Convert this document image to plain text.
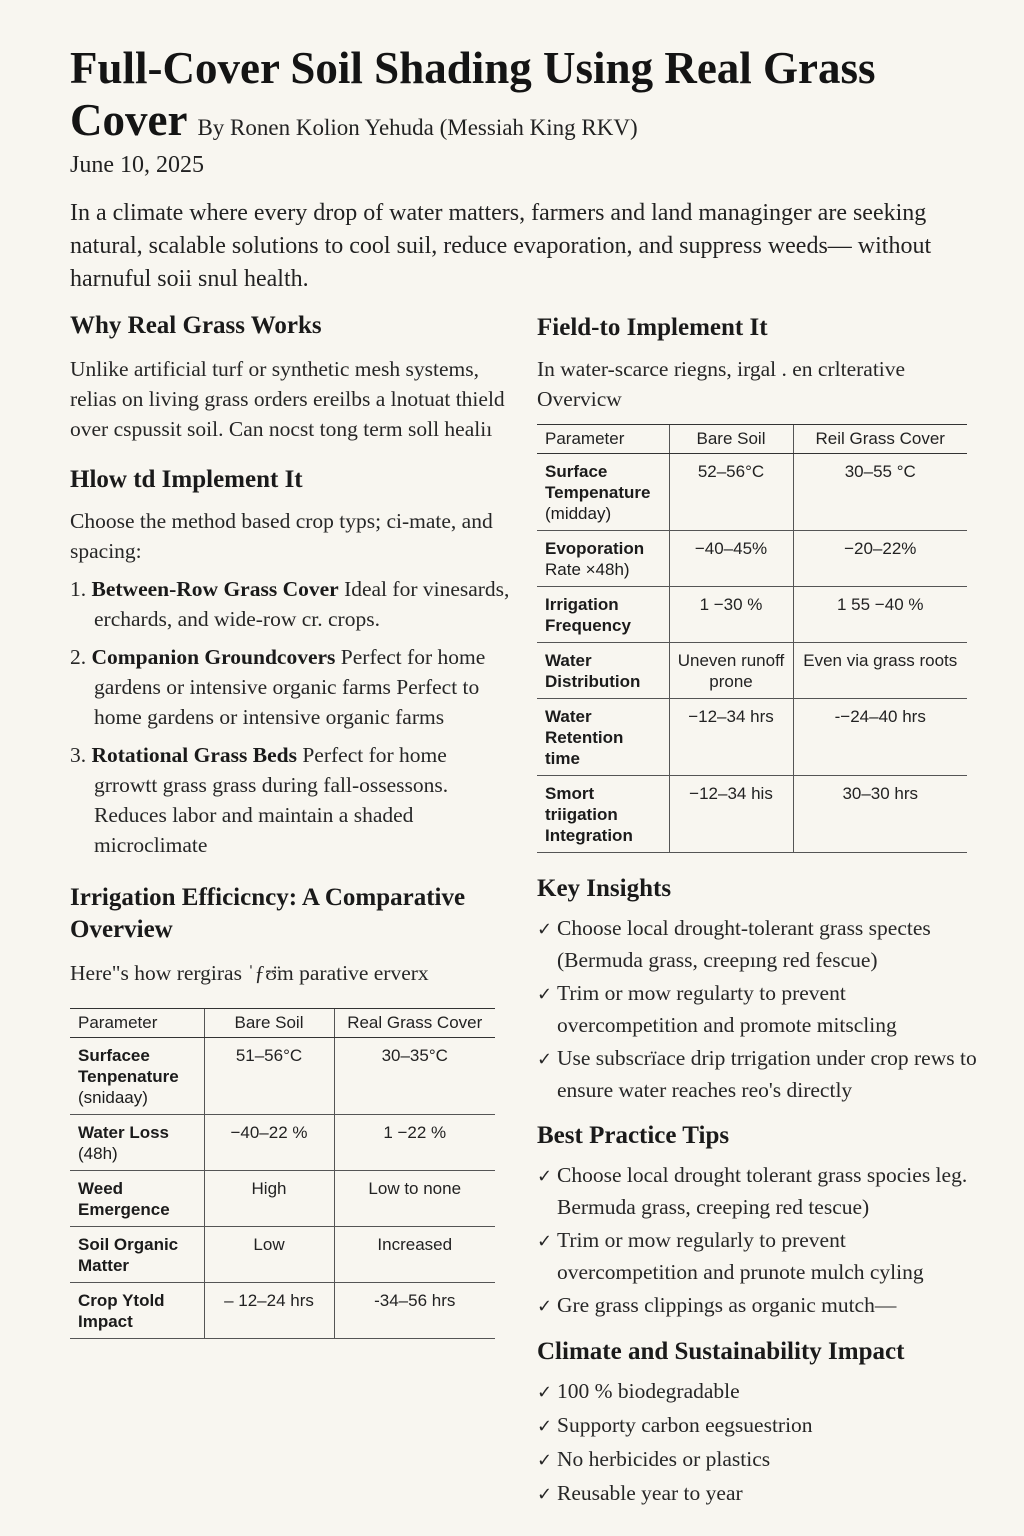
Full-Cover Soil Shading Using Real Grass Cover By Ronen Kolion Yehuda (Messiah King RKV)
June 10, 2025

In a climate where every drop of water matters, farmers and land managinger are seeking natural, scalable solutions to cool suil, reduce evaporation, and suppress weeds— without harnuful soii snul health.

Why Real Grass Works

Unlike artificial turf or synthetic mesh systems, relias on living grass orders ereilbs a lnotuat thield over cspussit soil. Can nocst tong term soll healiı

Hlow td Implement It

Choose the method based crop typs; ci-mate, and spacing:

1. Between-Row Grass Cover Ideal for vinesards, erchards, and wide-row cr. crops.
2. Companion Groundcovers Perfect for home gardens or intensive organic farms Perfect to home gardens or intensive organic farms
3. Rotational Grass Beds Perfect for home grrowtt grass grass during fall-ossessons. Reduces labor and maintain a shaded microclimate
Irrigation Efficicncy: A Comparative Overview

Here"s how rergiras ˈƒʊ̈m parative erverx

Parameter	Bare Soil	Real Grass Cover
Surfacee Tenpenature
(snidaay)	51–56°C	30–35°C
Water Loss
(48h)	−40–22 %	1 −22 %
Weed Emergence	High	Low to none
Soil Organic Matter	Low	Increased
Crop Ytold Impact	– 12–24 hrs	-34–56 hrs
Field-to Implement It

In water-scarce riegns, irgal . en crlterative Overvicw

Parameter	Bare Soil	Reil Grass Cover
Surface Tempenature
(midday)	52–56°C	30–55 °C
Evoporation
Rate ×48h)	−40–45%	−20–22%
Irrigation Frequency	1 −30 %	1 55 −40 %
Water Distribution	Uneven runoff prone	Even via grass roots
Water Retention time	−12–34 hrs	-−24–40 hrs
Smort triigation Integration	−12–34 his	30–30 hrs
Key Insights
✓ Choose local drought-tolerant grass spectes (Bermuda grass, creepıng red fescue)
✓ Trim or mow regularty to prevent overcompetition and promote mitscling
✓ Use subscrïace drip trrigation under crop rews to ensure water reaches reo's directly
Best Practice Tips
✓ Choose local drought tolerant grass spocies leg. Bermuda grass, creeping red tescue)
✓ Trim or mow regularly to prevent overcompetition and prunote mulch cyling
✓ Gre grass clippings as organic mutch—
Climate and Sustainability Impact
✓ 100 % biodegradable
✓ Supporty carbon eegsuestrion
✓ No herbicides or plastics
✓ Reusable year to year
